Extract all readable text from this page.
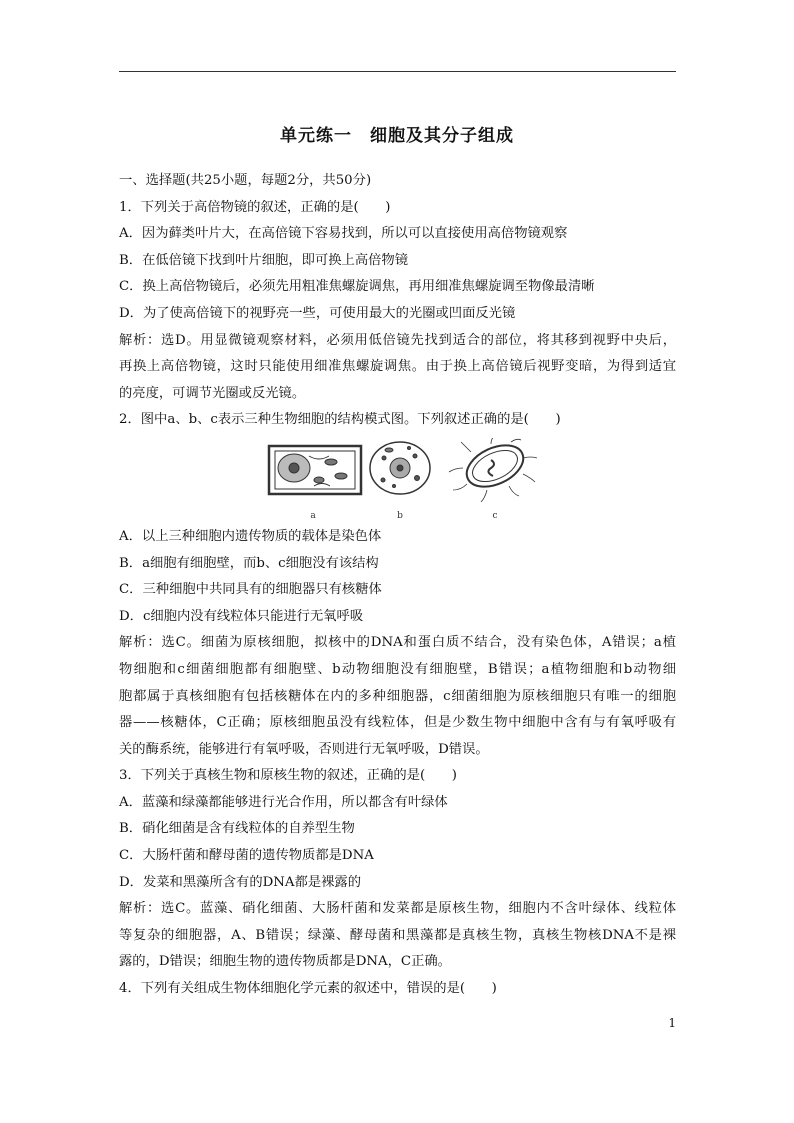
单元练一　细胞及其分子组成
一、选择题(共25小题，每题2分，共50分)
1．下列关于高倍物镜的叙述，正确的是(　　)
A．因为藓类叶片大，在高倍镜下容易找到，所以可以直接使用高倍物镜观察
B．在低倍镜下找到叶片细胞，即可换上高倍物镜
C．换上高倍物镜后，必须先用粗准焦螺旋调焦，再用细准焦螺旋调至物像最清晰
D．为了使高倍镜下的视野亮一些，可使用最大的光圈或凹面反光镜
解析：选D。用显微镜观察材料，必须用低倍镜先找到适合的部位，将其移到视野中央后，
再换上高倍物镜，这时只能使用细准焦螺旋调焦。由于换上高倍镜后视野变暗，为得到适宜
的亮度，可调节光圈或反光镜。
2．图中a、b、c表示三种生物细胞的结构模式图。下列叙述正确的是(　　)
a	b	c
A．以上三种细胞内遗传物质的载体是染色体
B．a细胞有细胞壁，而b、c细胞没有该结构
C．三种细胞中共同具有的细胞器只有核糖体
D．c细胞内没有线粒体只能进行无氧呼吸
解析：选C。细菌为原核细胞，拟核中的DNA和蛋白质不结合，没有染色体，A错误；a植
物细胞和c细菌细胞都有细胞壁、b动物细胞没有细胞壁，B错误；a植物细胞和b动物细
胞都属于真核细胞有包括核糖体在内的多种细胞器，c细菌细胞为原核细胞只有唯一的细胞
器——核糖体，C正确；原核细胞虽没有线粒体，但是少数生物中细胞中含有与有氧呼吸有
关的酶系统，能够进行有氧呼吸，否则进行无氧呼吸，D错误。
3．下列关于真核生物和原核生物的叙述，正确的是(　　)
A．蓝藻和绿藻都能够进行光合作用，所以都含有叶绿体
B．硝化细菌是含有线粒体的自养型生物
C．大肠杆菌和酵母菌的遗传物质都是DNA
D．发菜和黑藻所含有的DNA都是裸露的
解析：选C。蓝藻、硝化细菌、大肠杆菌和发菜都是原核生物，细胞内不含叶绿体、线粒体
等复杂的细胞器，A、B错误；绿藻、酵母菌和黑藻都是真核生物，真核生物核DNA不是裸
露的，D错误；细胞生物的遗传物质都是DNA，C正确。
4．下列有关组成生物体细胞化学元素的叙述中，错误的是(　　)
1
